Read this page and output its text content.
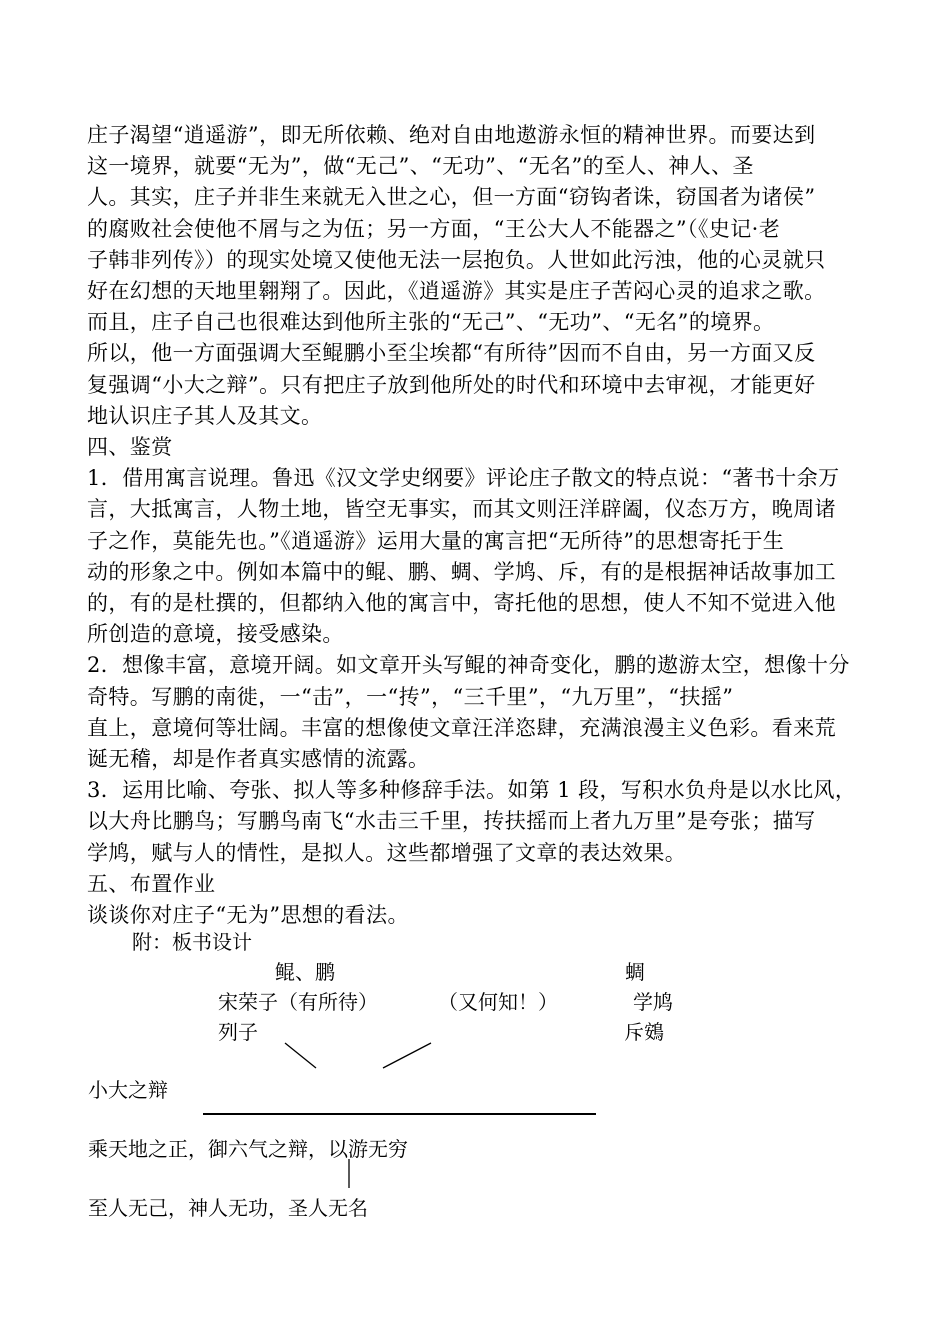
庄子渴望“逍遥游”，即无所依赖、绝对自由地遨游永恒的精神世界。而要达到
这一境界，就要“无为”，做“无己”、“无功”、“无名”的至人、神人、圣
人。其实，庄子并非生来就无入世之心，但一方面“窃钩者诛，窃国者为诸侯”
的腐败社会使他不屑与之为伍；另一方面，“王公大人不能器之”（《史记·老
子韩非列传》）的现实处境又使他无法一层抱负。人世如此污浊，他的心灵就只
好在幻想的天地里翱翔了。因此，《逍遥游》其实是庄子苦闷心灵的追求之歌。
而且，庄子自己也很难达到他所主张的“无己”、“无功”、“无名”的境界。
所以，他一方面强调大至鲲鹏小至尘埃都“有所待”因而不自由，另一方面又反
复强调“小大之辩”。只有把庄子放到他所处的时代和环境中去审视，才能更好
地认识庄子其人及其文。
四、鉴赏
1．借用寓言说理。鲁迅《汉文学史纲要》评论庄子散文的特点说：“著书十余万
言，大抵寓言，人物土地，皆空无事实，而其文则汪洋辟阖，仪态万方，晚周诸
子之作，莫能先也。”《逍遥游》运用大量的寓言把“无所待”的思想寄托于生
动的形象之中。例如本篇中的鲲、鹏、蜩、学鸠、斥，有的是根据神话故事加工
的，有的是杜撰的，但都纳入他的寓言中，寄托他的思想，使人不知不觉进入他
所创造的意境，接受感染。
2．想像丰富，意境开阔。如文章开头写鲲的神奇变化，鹏的遨游太空，想像十分
奇特。写鹏的南徙，一“击”，一“抟”，“三千里”，“九万里”，“扶摇”
直上，意境何等壮阔。丰富的想像使文章汪洋恣肆，充满浪漫主义色彩。看来荒
诞无稽，却是作者真实感情的流露。
3．运用比喻、夸张、拟人等多种修辞手法。如第 1 段，写积水负舟是以水比风，
以大舟比鹏鸟；写鹏鸟南飞“水击三千里，抟扶摇而上者九万里”是夸张；描写
学鸠，赋与人的情性，是拟人。这些都增强了文章的表达效果。
五、布置作业
谈谈你对庄子“无为”思想的看法。
附：板书设计
鲲、鹏
宋荣子（有所待）
列子
（又何知！）
蜩
学鸠
斥鴳
小大之辩
乘天地之正，御六气之辩，以游无穷
至人无己，神人无功，圣人无名
